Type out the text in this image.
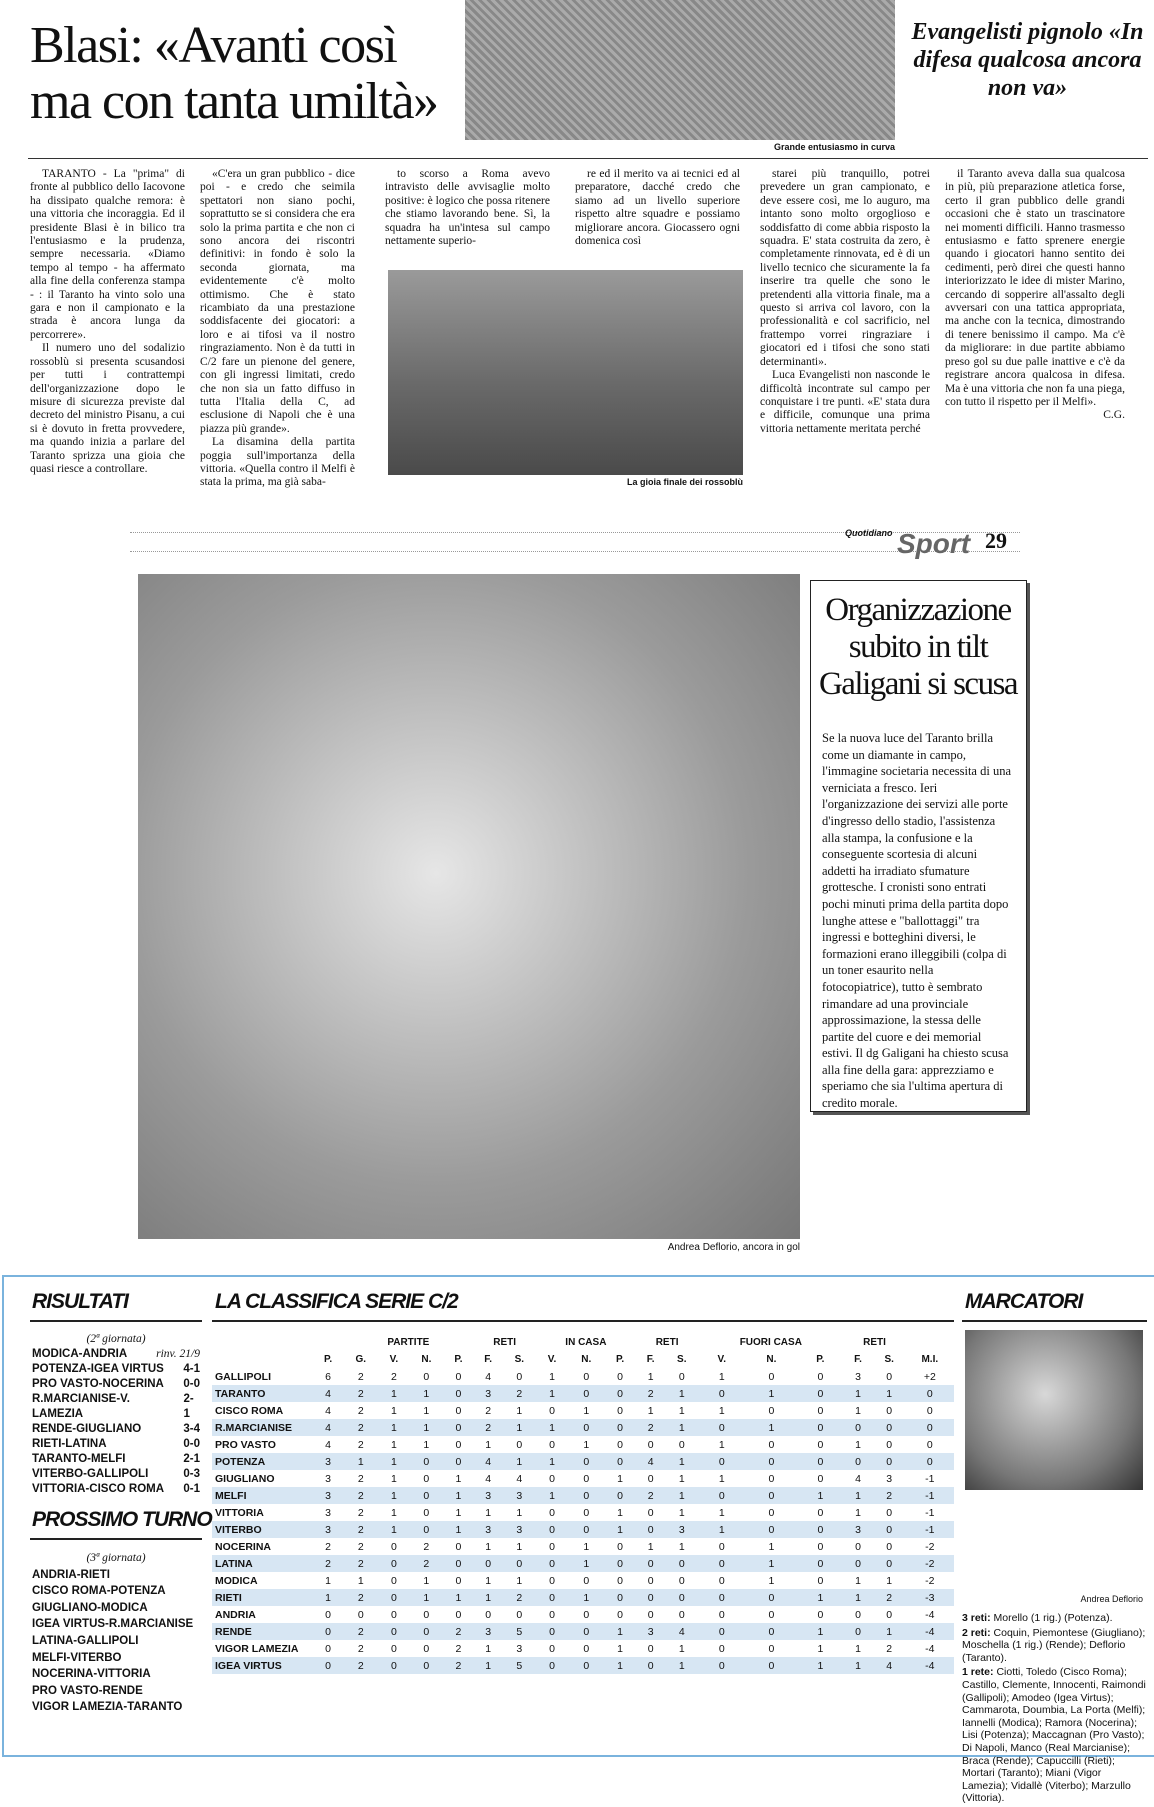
Blasi: «Avanti così ma con tanta umiltà»
Grande entusiasmo in curva
Evangelisti pignolo «In difesa qualcosa ancora non va»

TARANTO - La "prima" di fronte al pubblico dello Iacovone ha dissipato qualche remora: è una vittoria che incoraggia. Ed il presidente Blasi è in bilico tra l'entusiasmo e la prudenza, sempre necessaria. «Diamo tempo al tempo - ha affermato alla fine della conferenza stampa - : il Taranto ha vinto solo una gara e non il campionato e la strada è ancora lunga da percorrere».

Il numero uno del sodalizio rossoblù si presenta scusandosi per tutti i contrattempi dell'organizzazione dopo le misure di sicurezza previste dal decreto del ministro Pisanu, a cui si è dovuto in fretta provvedere, ma quando inizia a parlare del Taranto sprizza una gioia che quasi riesce a controllare.

«C'era un gran pubblico - dice poi - e credo che seimila spettatori non siano pochi, soprattutto se si considera che era solo la prima partita e che non ci sono ancora dei riscontri definitivi: in fondo è solo la seconda giornata, ma evidentemente c'è molto ottimismo. Che è stato ricambiato da una prestazione soddisfacente dei giocatori: a loro e ai tifosi va il nostro ringraziamento. Non è da tutti in C/2 fare un pienone del genere, con gli ingressi limitati, credo che non sia un fatto diffuso in tutta l'Italia della C, ad esclusione di Napoli che è una piazza più grande».

La disamina della partita poggia sull'importanza della vittoria. «Quella contro il Melfi è stata la prima, ma già saba-

to scorso a Roma avevo intravisto delle avvisaglie molto positive: è logico che possa ritenere che stiamo lavorando bene. Sì, la squadra ha un'intesa sul campo nettamente superio-

re ed il merito va ai tecnici ed al preparatore, dacché credo che siamo ad un livello superiore rispetto altre squadre e possiamo migliorare ancora. Giocassero ogni domenica così

La gioia finale dei rossoblù

starei più tranquillo, potrei prevedere un gran campionato, e deve essere così, me lo auguro, ma intanto sono molto orgoglioso e soddisfatto di come abbia risposto la squadra. E' stata costruita da zero, è completamente rinnovata, ed è di un livello tecnico che sicuramente la fa inserire tra quelle che sono le pretendenti alla vittoria finale, ma a questo si arriva col lavoro, con la professionalità e col sacrificio, nel frattempo vorrei ringraziare i giocatori ed i tifosi che sono stati determinanti».

Luca Evangelisti non nasconde le difficoltà incontrate sul campo per conquistare i tre punti. «E' stata dura e difficile, comunque una prima vittoria nettamente meritata perché

il Taranto aveva dalla sua qualcosa in più, più preparazione atletica forse, certo il gran pubblico delle grandi occasioni che è stato un trascinatore nei momenti difficili. Hanno trasmesso entusiasmo e fatto sprenere energie quando i giocatori hanno sentito dei cedimenti, però direi che questi hanno interiorizzato le idee di mister Marino, cercando di sopperire all'assalto degli avversari con una tattica appropriata, ma anche con la tecnica, dimostrando di tenere benissimo il campo. Ma c'è da migliorare: in due partite abbiamo preso gol su due palle inattive e c'è da registrare ancora qualcosa in difesa. Ma è una vittoria che non fa una piega, con tutto il rispetto per il Melfi».

C.G.
$^{Quotidiano}$ Sport 29
Andrea Deflorio, ancora in gol
Organizzazione subito in tilt Galigani si scusa
Se la nuova luce del Taranto brilla come un diamante in campo, l'immagine societaria necessita di una verniciata a fresco. Ieri l'organizzazione dei servizi alle porte d'ingresso dello stadio, l'assistenza alla stampa, la confusione e la conseguente scortesia di alcuni addetti ha irradiato sfumature grottesche. I cronisti sono entrati pochi minuti prima della partita dopo lunghe attese e "ballottaggi" tra ingressi e botteghini diversi, le formazioni erano illeggibili (colpa di un toner esaurito nella fotocopiatrice), tutto è sembrato rimandare ad una provinciale approssimazione, la stessa delle partite del cuore e dei memorial estivi. Il dg Galigani ha chiesto scusa alla fine della gara: apprezziamo e speriamo che sia l'ultima apertura di credito morale.
RISULTATI
(2ª giornata)
MODICA-ANDRIA	rinv. 21/9
POTENZA-IGEA VIRTUS 4-1
PRO VASTO-NOCERINA 0-0
R.MARCIANISE-V. LAMEZIA
2-1
RENDE-GIUGLIANO	3-4
RIETI-LATINA	0-0
TARANTO-MELFI	2-1
VITERBO-GALLIPOLI	0-3
VITTORIA-CISCO ROMA 0-1
PROSSIMO TURNO
(3ª giornata)
ANDRIA-RIETI
CISCO ROMA-POTENZA
GIUGLIANO-MODICA
IGEA VIRTUS-R.MARCIANISE
LATINA-GALLIPOLI
MELFI-VITERBO
NOCERINA-VITTORIA
PRO VASTO-RENDE
VIGOR LAMEZIA-TARANTO
LA CLASSIFICA SERIE C/2
		PARTITE				RETI		IN CASA			RETI		FUORI CASA			RETI		
	P.	G.	V.	N.	P.	F.	S.	V.	N.	P.	F.	S.	V.	N.	P.	F.	S.	M.I.
GALLIPOLI	6	2	2	0	0	4	0	1	0	0	1	0	1	0	0	3	0	+2
TARANTO	4	2	1	1	0	3	2	1	0	0	2	1	0	1	0	1	1	0
CISCO ROMA	4	2	1	1	0	2	1	0	1	0	1	1	1	0	0	1	0	0
R.MARCIANISE	4	2	1	1	0	2	1	1	0	0	2	1	0	1	0	0	0	0
PRO VASTO	4	2	1	1	0	1	0	0	1	0	0	0	1	0	0	1	0	0
POTENZA	3	1	1	0	0	4	1	1	0	0	4	1	0	0	0	0	0	0
GIUGLIANO	3	2	1	0	1	4	4	0	0	1	0	1	1	0	0	4	3	-1
MELFI	3	2	1	0	1	3	3	1	0	0	2	1	0	0	1	1	2	-1
VITTORIA	3	2	1	0	1	1	1	0	0	1	0	1	1	0	0	1	0	-1
VITERBO	3	2	1	0	1	3	3	0	0	1	0	3	1	0	0	3	0	-1
NOCERINA	2	2	0	2	0	1	1	0	1	0	1	1	0	1	0	0	0	-2
LATINA	2	2	0	2	0	0	0	0	1	0	0	0	0	1	0	0	0	-2
MODICA	1	1	0	1	0	1	1	0	0	0	0	0	0	1	0	1	1	-2
RIETI	1	2	0	1	1	1	2	0	1	0	0	0	0	0	1	1	2	-3
ANDRIA	0	0	0	0	0	0	0	0	0	0	0	0	0	0	0	0	0	-4
RENDE	0	2	0	0	2	3	5	0	0	1	3	4	0	0	1	0	1	-4
VIGOR LAMEZIA	0	2	0	0	2	1	3	0	0	1	0	1	0	0	1	1	2	-4
IGEA VIRTUS	0	2	0	0	2	1	5	0	0	1	0	1	0	0	1	1	4	-4
MARCATORI
Andrea Deflorio

3 reti: Morello (1 rig.) (Potenza).

2 reti: Coquin, Piemontese (Giugliano); Moschella (1 rig.) (Rende); Deflorio (Taranto).

1 rete: Ciotti, Toledo (Cisco Roma); Castillo, Clemente, Innocenti, Raimondi (Gallipoli); Amodeo (Igea Virtus); Cammarota, Doumbia, La Porta (Melfi); Iannelli (Modica); Ramora (Nocerina); Lisi (Potenza); Maccagnan (Pro Vasto); Di Napoli, Manco (Real Marcianise); Braca (Rende); Capuccilli (Rieti); Mortari (Taranto); Miani (Vigor Lamezia); Vidallè (Viterbo); Marzullo (Vittoria).
